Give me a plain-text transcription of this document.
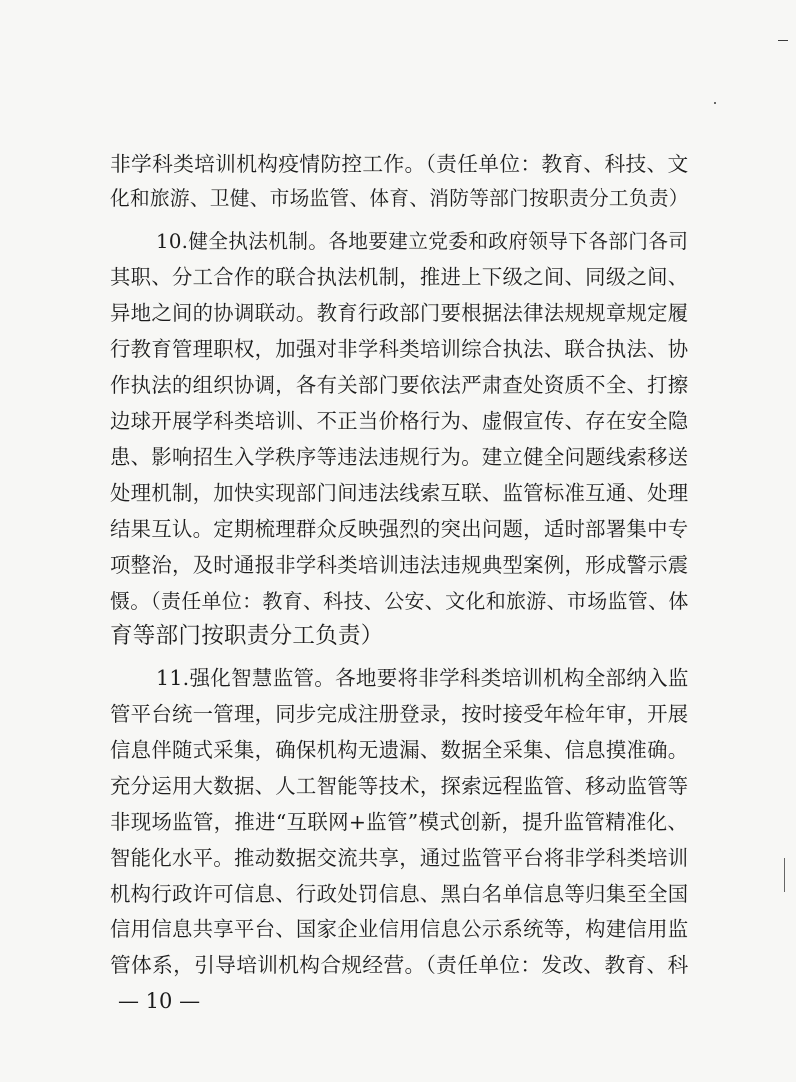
非学科类培训机构疫情防控工作。（责任单位：教育、科技、文
化和旅游、卫健、市场监管、体育、消防等部门按职责分工负责）
10.健全执法机制。各地要建立党委和政府领导下各部门各司
其职、分工合作的联合执法机制，推进上下级之间、同级之间、
异地之间的协调联动。教育行政部门要根据法律法规规章规定履
行教育管理职权，加强对非学科类培训综合执法、联合执法、协
作执法的组织协调，各有关部门要依法严肃查处资质不全、打擦
边球开展学科类培训、不正当价格行为、虚假宣传、存在安全隐
患、影响招生入学秩序等违法违规行为。建立健全问题线索移送
处理机制，加快实现部门间违法线索互联、监管标准互通、处理
结果互认。定期梳理群众反映强烈的突出问题，适时部署集中专
项整治，及时通报非学科类培训违法违规典型案例，形成警示震
慑。（责任单位：教育、科技、公安、文化和旅游、市场监管、体
育等部门按职责分工负责）
11.强化智慧监管。各地要将非学科类培训机构全部纳入监
管平台统一管理，同步完成注册登录，按时接受年检年审，开展
信息伴随式采集，确保机构无遗漏、数据全采集、信息摸准确。
充分运用大数据、人工智能等技术，探索远程监管、移动监管等
非现场监管，推进“互联网+监管”模式创新，提升监管精准化、
智能化水平。推动数据交流共享，通过监管平台将非学科类培训
机构行政许可信息、行政处罚信息、黑白名单信息等归集至全国
信用信息共享平台、国家企业信用信息公示系统等，构建信用监
管体系，引导培训机构合规经营。（责任单位：发改、教育、科
— 10 —
